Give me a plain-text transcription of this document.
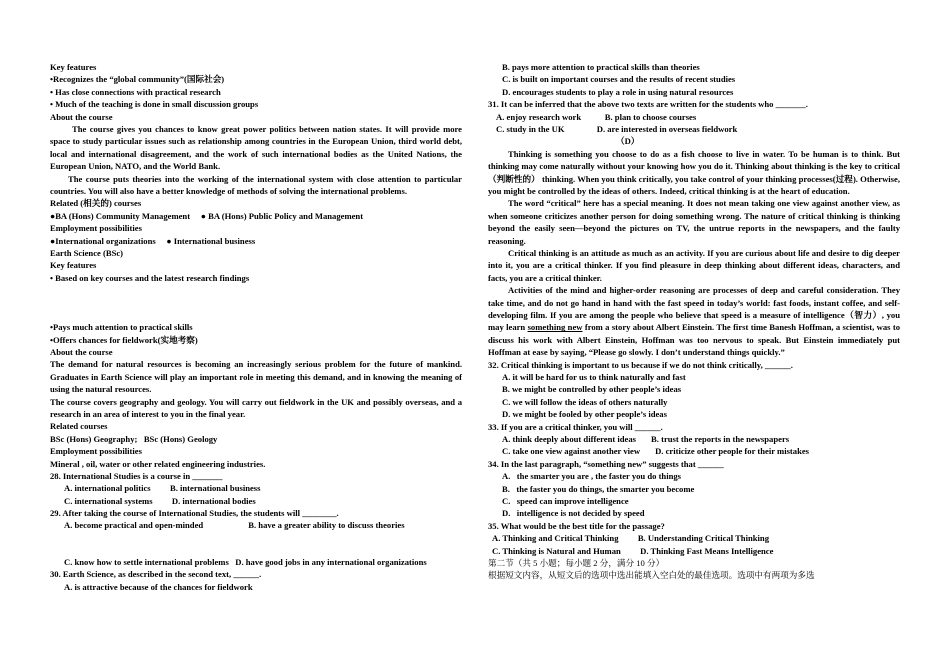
Key features
•Recognizes the “global community”(国际社会)
• Has close connections with practical research
• Much of the teaching is done in small discussion groups
About the course
The course gives you chances to know great power politics between nation states. It will provide more space to study particular issues such as relationship among countries in the European Union, third world debt, local and international disagreement, and the work of such international bodies as the United Nations, the European Union, NATO, and the World Bank.
The course puts theories into the working of the international system with close attention to particular countries. You will also have a better knowledge of methods of solving the international problems.
Related (相关的) courses
●BA (Hons) Community Management  ● BA (Hons) Public Policy and Management
Employment possibilities
●International organizations  ● International business
Earth Science (BSc)
Key features
• Based on key courses and the latest research findings
•Pays much attention to practical skills
•Offers chances for fieldwork(实地考察)
About the course
The demand for natural resources is becoming an increasingly serious problem for the future of mankind. Graduates in Earth Science will play an important role in meeting this demand, and in knowing the meaning of using the natural resources.
The course covers geography and geology. You will carry out fieldwork in the UK and possibly overseas, and a research in an area of interest to you in the final year.
Related courses
BSc (Hons) Geography;  BSc (Hons) Geology
Employment possibilities
Mineral , oil, water or other related engineering industries.
28. International Studies is a course in _______
A. international politics   B. international business
C. international systems   D. international bodies
29. After taking the course of International Studies, the students will ________.
A. become practical and open-minded      B. have a greater ability to discuss theories
C. know how to settle international problems  D. have good jobs in any international organizations
30. Earth Science, as described in the second text, ______.
A. is attractive because of the chances for fieldwork
B. pays more attention to practical skills than theories
C. is built on important courses and the results of recent studies
D. encourages students to play a role in using natural resources
31. It can be inferred that the above two texts are written for the students who _______.
A. enjoy research work    B. plan to choose courses
C. study in the UK     D. are interested in overseas fieldwork
（D）
Thinking is something you choose to do as a fish choose to live in water. To be human is to think. But thinking may come naturally without your knowing how you do it. Thinking about thinking is the key to critical（判断性的） thinking. When you think critically, you take control of your thinking processes(过程). Otherwise, you might be controlled by the ideas of others. Indeed, critical thinking is at the heart of education.
The word “critical” here has a special meaning. It does not mean taking one view against another view, as when someone criticizes another person for doing something wrong. The nature of critical thinking is thinking beyond the easily seen—beyond the pictures on TV, the untrue reports in the newspapers, and the faulty reasoning.
Critical thinking is an attitude as much as an activity. If you are curious about life and desire to dig deeper into it, you are a critical thinker. If you find pleasure in deep thinking about different ideas, characters, and facts, you are a critical thinker.
Activities of the mind and higher-order reasoning are processes of deep and careful consideration. They take time, and do not go hand in hand with the fast speed in today’s world: fast foods, instant coffee, and self-developing film. If you are among the people who believe that speed is a measure of intelligence（智力）, you may learn something new from a story about Albert Einstein. The first time Banesh Hoffman, a scientist, was to discuss his work with Albert Einstein, Hoffman was too nervous to speak. But Einstein immediately put Hoffman at ease by saying, “Please go slowly. I don’t understand things quickly.”
32. Critical thinking is important to us because if we do not think critically, ______.
A. it will be hard for us to think naturally and fast
B. we might be controlled by other people’s ideas
C. we will follow the ideas of others naturally
D. we might be fooled by other people’s ideas
33. If you are a critical thinker, you will ______.
A. think deeply about different ideas   B. trust the reports in the newspapers
C. take one view against another view   D. criticize other people for their mistakes
34. In the last paragraph, “something new” suggests that ______
A.  the smarter you are , the faster you do things
B.  the faster you do things, the smarter you become
C.  speed can improve intelligence
D.  intelligence is not decided by speed
35. What would be the best title for the passage?
A. Thinking and Critical Thinking   B. Understanding Critical Thinking
C. Thinking is Natural and Human   D. Thinking Fast Means Intelligence
第二节（共 5 小题；每小题 2 分，满分 10 分）
根据短文内容，从短文后的选项中选出能填入空白处的最佳选项。选项中有两项为多选
